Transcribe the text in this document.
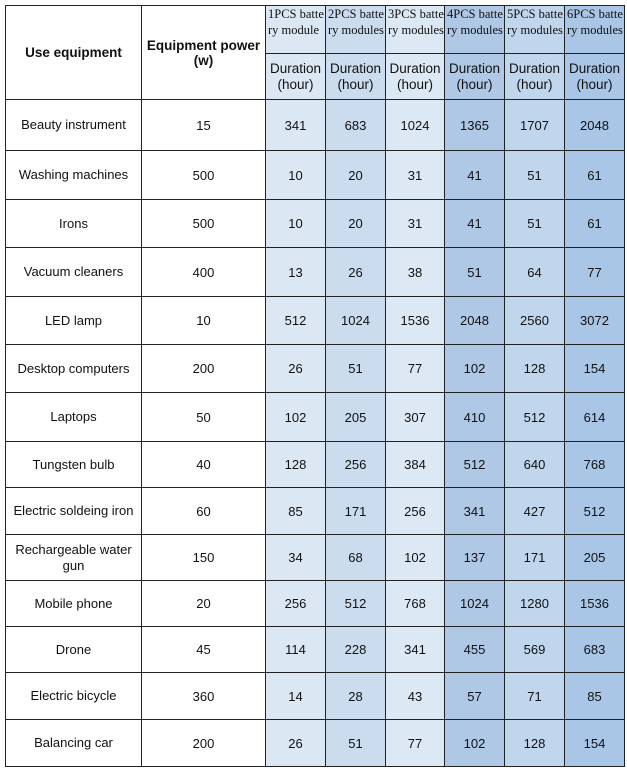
Use equipment	Equipment power (w)	1PCS battery module	2PCS battery modules	3PCS battery modules	4PCS battery modules	5PCS battery modules	6PCS battery modules
		Duration (hour)	Duration (hour)	Duration (hour)	Duration (hour)	Duration (hour)	Duration (hour)
Beauty instrument	15	341	683	1024	1365	1707	2048
Washing machines	500	10	20	31	41	51	61
Irons	500	10	20	31	41	51	61
Vacuum cleaners	400	13	26	38	51	64	77
LED lamp	10	512	1024	1536	2048	2560	3072
Desktop computers	200	26	51	77	102	128	154
Laptops	50	102	205	307	410	512	614
Tungsten bulb	40	128	256	384	512	640	768
Electric soldeing iron	60	85	171	256	341	427	512
Rechargeable water gun	150	34	68	102	137	171	205
Mobile phone	20	256	512	768	1024	1280	1536
Drone	45	114	228	341	455	569	683
Electric bicycle	360	14	28	43	57	71	85
Balancing car	200	26	51	77	102	128	154
